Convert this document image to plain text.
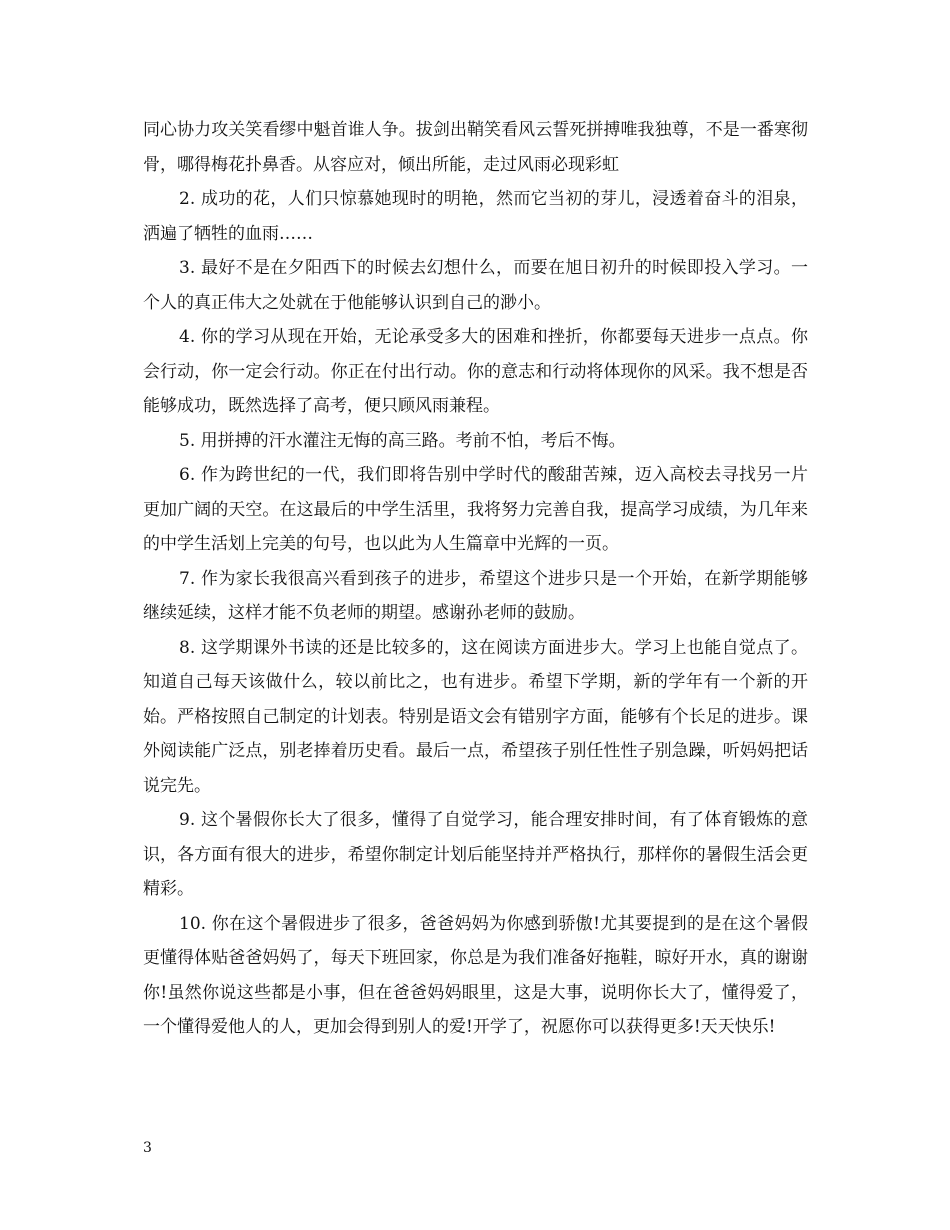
同心协力攻关笑看缪中魁首谁人争。拔剑出鞘笑看风云誓死拼搏唯我独尊，不是一番寒彻骨，哪得梅花扑鼻香。从容应对，倾出所能，走过风雨必现彩虹

2. 成功的花，人们只惊慕她现时的明艳，然而它当初的芽儿，浸透着奋斗的泪泉，洒遍了牺牲的血雨……

3. 最好不是在夕阳西下的时候去幻想什么，而要在旭日初升的时候即投入学习。一个人的真正伟大之处就在于他能够认识到自己的渺小。

4. 你的学习从现在开始，无论承受多大的困难和挫折，你都要每天进步一点点。你会行动，你一定会行动。你正在付出行动。你的意志和行动将体现你的风采。我不想是否能够成功，既然选择了高考，便只顾风雨兼程。

5. 用拼搏的汗水灌注无悔的高三路。考前不怕，考后不悔。

6. 作为跨世纪的一代，我们即将告别中学时代的酸甜苦辣，迈入高校去寻找另一片更加广阔的天空。在这最后的中学生活里，我将努力完善自我，提高学习成绩，为几年来的中学生活划上完美的句号，也以此为人生篇章中光辉的一页。

7. 作为家长我很高兴看到孩子的进步，希望这个进步只是一个开始，在新学期能够继续延续，这样才能不负老师的期望。感谢孙老师的鼓励。

8. 这学期课外书读的还是比较多的，这在阅读方面进步大。学习上也能自觉点了。知道自己每天该做什么，较以前比之，也有进步。希望下学期，新的学年有一个新的开始。严格按照自己制定的计划表。特别是语文会有错别字方面，能够有个长足的进步。课外阅读能广泛点，别老捧着历史看。最后一点，希望孩子别任性性子别急躁，听妈妈把话说完先。

9. 这个暑假你长大了很多，懂得了自觉学习，能合理安排时间，有了体育锻炼的意识，各方面有很大的进步，希望你制定计划后能坚持并严格执行，那样你的暑假生活会更精彩。

10. 你在这个暑假进步了很多，爸爸妈妈为你感到骄傲!尤其要提到的是在这个暑假更懂得体贴爸爸妈妈了，每天下班回家，你总是为我们准备好拖鞋，晾好开水，真的谢谢你!虽然你说这些都是小事，但在爸爸妈妈眼里，这是大事，说明你长大了，懂得爱了，一个懂得爱他人的人，更加会得到别人的爱!开学了，祝愿你可以获得更多!天天快乐!

3
